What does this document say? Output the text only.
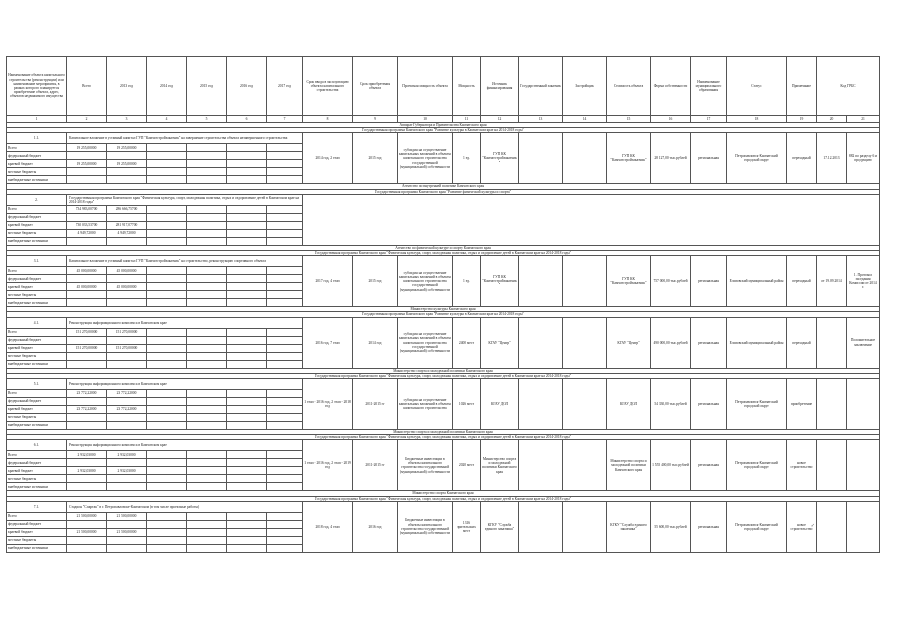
Наименование объекта капитального строительства (реконструкции) или наименование мероприятия, в рамках которого планируется приобретение объекта, адрес, объектов недвижимого имущества	Всего	2013 год	2014 год	2015 год	2016 год	2017 год	Срок ввода в эксплуатацию объекта капитального строительства	Срок приобретения объекта	Проектная мощность объекта	Мощность	Источник финансирования	Государственный заказчик	Застройщик	Стоимость объекта	Форма собственности	Наименование муниципального образования	Статус	Примечание	Код ГРБС	
1	2	3	4	5	6	7	8	9	10	11	12	13	14	15	16	17	18	19	20	21
Аппарат Губернатора и Правительства Камчатского края																				
Государственная программа Камчатского края "Развитие культуры в Камчатском крае на 2014-2018 годы"																				
1.1.	Капитальное вложение в уставный капитал ГУП "Камчатстройзаказчик" на завершение строительства объекта незавершенного строительства						2014 год, 2 этап	2015 год	субсидия на осуществление капитальных вложений в объекты капитального строительства государственной (муниципальной) собственности	1 ед.	ГУП КК "Камчатстройзаказчик"			ГУП КК "Камчатстройзаказчик"	28 127,00 тыс.рублей	региональная	Петропавловск-Камчатский городской округ	переходный	17.12.2013	882 по разделу 6 и продукцию
Всего	19 255,00000	19 255,00000																		
федеральный бюджет																				
краевой бюджет	19 255,00000	19 255,00000																		
местные бюджеты																				
внебюджетные источники																				
Агентство по внутренней политике Камчатского края																				
Государственная программа Камчатского края "Развитие физической культуры и спорта"																				
2.	Государственная программа Камчатского края "Физическая культура, спорт, молодежная политика, отдых и оздоровление детей в Камчатском крае на 2014-2018 годы"																			
Всего	734 983,00700	286 666,75700																		
федеральный бюджет																				
краевой бюджет	730 033,53700	281 917,07700																		
местные бюджеты	4 949,72000	4 949,72000																		
внебюджетные источники																				
Агентство по физической культуре и спорту Камчатского края																				
Государственная программа Камчатского края "Физическая культура, спорт, молодежная политика, отдых и оздоровление детей в Камчатском крае на 2014-2018 годы"																				
3.1.	Капитальное вложение в уставный капитал ГУП "Камчатстройзаказчик" на строительство, реконструкцию спортивного объекта						2017 год, 4 этап	2015 год	субсидия на осуществление капитальных вложений в объекты капитального строительства государственной (муниципальной) собственности	1 ед.	ГУП КК "Камчатстройзаказчик"			ГУП КК "Камчатстройзаказчик"	757 000,00 тыс.рублей	региональная	Елизовский муниципальный район	переходный	от 19.09.2014	1. Протокол заседания Комиссии от 2014 г.
Всего	45 000,00000	45 000,00000																		
федеральный бюджет																				
краевой бюджет	45 000,00000	45 000,00000																		
местные бюджеты																				
внебюджетные источники																				
Министерство культуры Камчатского края																				
Государственная программа Камчатского края "Развитие культуры в Камчатском крае на 2014-2018 годы"																				
4.1.	Реконструкция информационного комплекса в Камчатском крае						2016 год, 7 этап	2014 год	субсидия на осуществление капитальных вложений в объекты капитального строительства государственной (муниципальной) собственности	2400 мест	КГАУ "Центр"			КГАУ "Центр"	490 000,00 тыс.рублей	региональная	Елизовский муниципальный район	переходный		Положительное заключение
Всего	151 270,00000	151 270,00000																		
федеральный бюджет																				
краевой бюджет	151 270,00000	151 270,00000																		
местные бюджеты																				
внебюджетные источники																				
Министерство спорта и молодежной политики Камчатского края																				
Государственная программа Камчатского края "Физическая культура, спорт, молодежная политика, отдых и оздоровление детей в Камчатском крае на 2014-2018 годы"																				
5.1.	Реконструкция информационного комплекса в Камчатском крае						1 этап - 2016 год, 2 этап - 2018 год	2011-2015 гг	субсидия на осуществление капитальных вложений в объекты капитального строительства	1026 мест	КГАУ ДОЛ			КГАУ ДОЛ	54 330,00 тыс.рублей	региональная	Петропавловск-Камчатский городской округ	приобретение		
Всего	23 772,22000	23 772,22000																		
федеральный бюджет																				
краевой бюджет	23 772,22000	23 772,22000																		
местные бюджеты																				
внебюджетные источники																				
Министерство спорта и молодежной политики Камчатского края																				
Государственная программа Камчатского края "Физическая культура, спорт, молодежная политика, отдых и оздоровление детей в Камчатском крае на 2014-2018 годы"																				
6.1.	Реконструкция информационного комплекса в Камчатском крае						1 этап - 2016 год, 2 этап - 2019 год	2011-2015 гг	Бюджетные инвестиции в объекты капитального строительства государственной (муниципальной) собственности	2020 мест	Министерство спорта и молодежной политики Камчатского края			Министерство спорта и молодежной политики Камчатского края	1 555 400,00 тыс.рублей	региональная	Петропавловск-Камчатский городской округ	новое строительство		
Всего	2 932,03000	2 932,03000																		
федеральный бюджет																				
краевой бюджет	2 932,03000	2 932,03000																		
местные бюджеты																				
внебюджетные источники																				
Министерство спорта Камчатского края																				
Государственная программа Камчатского края "Физическая культура, спорт, молодежная политика, отдых и оздоровление детей в Камчатском крае на 2014-2018 годы"																				
7.1.	Стадион "Спартак" в г. Петропавловске-Камчатском (в том числе проектные работы)						2018 год, 4 этап	2016 год	Бюджетные инвестиции в объекты капитального строительства государственной (муниципальной) собственности	1316 зрительских мест	КГКУ "Служба единого заказчика"			КГКУ "Служба единого заказчика"	55 600,00 тыс.рублей	региональная	Петропавловск-Камчатский городской округ	новое строительство		
Всего	21 500,00000	21 500,00000																		
федеральный бюджет																				
краевой бюджет	21 500,00000	21 500,00000																		
местные бюджеты																				
внебюджетные источники																				
✓
